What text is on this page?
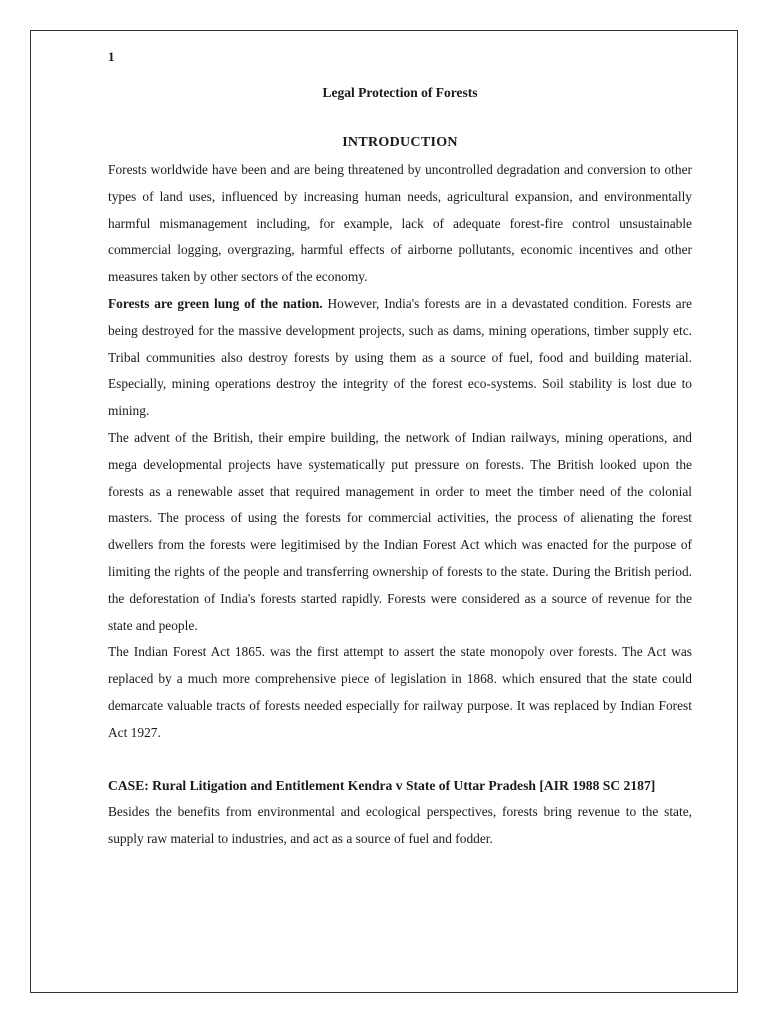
1
Legal Protection of Forests
INTRODUCTION

Forests worldwide have been and are being threatened by uncontrolled degradation and conversion to other types of land uses, influenced by increasing human needs, agricultural expansion, and environmentally harmful mismanagement including, for example, lack of adequate forest-fire control unsustainable commercial logging, overgrazing, harmful effects of airborne pollutants, economic incentives and other measures taken by other sectors of the economy.

Forests are green lung of the nation. However, India's forests are in a devastated condition. Forests are being destroyed for the massive development projects, such as dams, mining operations, timber supply etc. Tribal communities also destroy forests by using them as a source of fuel, food and building material. Especially, mining operations destroy the integrity of the forest eco-systems. Soil stability is lost due to mining.

The advent of the British, their empire building, the network of Indian railways, mining operations, and mega developmental projects have systematically put pressure on forests. The British looked upon the forests as a renewable asset that required management in order to meet the timber need of the colonial masters. The process of using the forests for commercial activities, the process of alienating the forest dwellers from the forests were legitimised by the Indian Forest Act which was enacted for the purpose of limiting the rights of the people and transferring ownership of forests to the state. During the British period. the deforestation of India's forests started rapidly. Forests were considered as a source of revenue for the state and people.

The Indian Forest Act 1865. was the first attempt to assert the state monopoly over forests. The Act was replaced by a much more comprehensive piece of legislation in 1868. which ensured that the state could demarcate valuable tracts of forests needed especially for railway purpose. It was replaced by Indian Forest Act 1927.

CASE: Rural Litigation and Entitlement Kendra v State of Uttar Pradesh [AIR 1988 SC 2187]

Besides the benefits from environmental and ecological perspectives, forests bring revenue to the state, supply raw material to industries, and act as a source of fuel and fodder.
